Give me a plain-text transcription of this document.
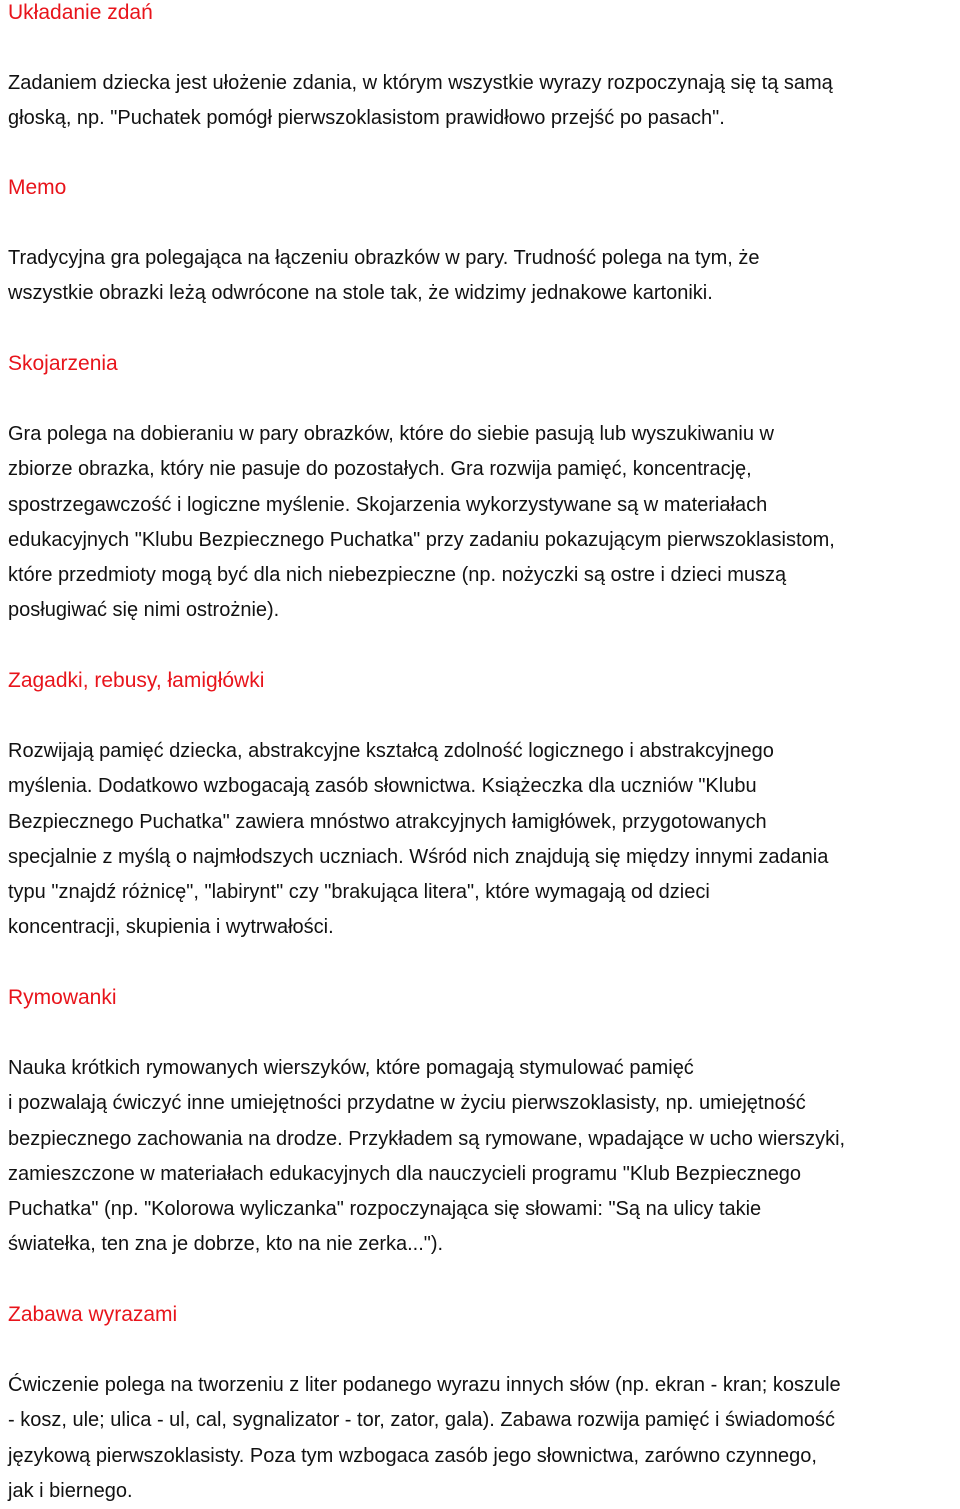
Układanie zdań
Zadaniem dziecka jest ułożenie zdania, w którym wszystkie wyrazy rozpoczynają się tą samą
głoską, np. "Puchatek pomógł pierwszoklasistom prawidłowo przejść po pasach".
Memo
Tradycyjna gra polegająca na łączeniu obrazków w pary. Trudność polega na tym, że
wszystkie obrazki leżą odwrócone na stole tak, że widzimy jednakowe kartoniki.
Skojarzenia
Gra polega na dobieraniu w pary obrazków, które do siebie pasują lub wyszukiwaniu w
zbiorze obrazka, który nie pasuje do pozostałych. Gra rozwija pamięć, koncentrację,
spostrzegawczość i logiczne myślenie. Skojarzenia wykorzystywane są w materiałach
edukacyjnych "Klubu Bezpiecznego Puchatka" przy zadaniu pokazującym pierwszoklasistom,
które przedmioty mogą być dla nich niebezpieczne (np. nożyczki są ostre i dzieci muszą
posługiwać się nimi ostrożnie).
Zagadki, rebusy, łamigłówki
Rozwijają pamięć dziecka, abstrakcyjne kształcą zdolność logicznego i abstrakcyjnego
myślenia. Dodatkowo wzbogacają zasób słownictwa. Książeczka dla uczniów "Klubu
Bezpiecznego Puchatka" zawiera mnóstwo atrakcyjnych łamigłówek, przygotowanych
specjalnie z myślą o najmłodszych uczniach. Wśród nich znajdują się między innymi zadania
typu "znajdź różnicę", "labirynt" czy "brakująca litera", które wymagają od dzieci
koncentracji, skupienia i wytrwałości.
Rymowanki
Nauka krótkich rymowanych wierszyków, które pomagają stymulować pamięć
i pozwalają ćwiczyć inne umiejętności przydatne w życiu pierwszoklasisty, np. umiejętność
bezpiecznego zachowania na drodze. Przykładem są rymowane, wpadające w ucho wierszyki,
zamieszczone w materiałach edukacyjnych dla nauczycieli programu "Klub Bezpiecznego
Puchatka" (np. "Kolorowa wyliczanka" rozpoczynająca się słowami: "Są na ulicy takie
światełka, ten zna je dobrze, kto na nie zerka...").
Zabawa wyrazami
Ćwiczenie polega na tworzeniu z liter podanego wyrazu innych słów (np. ekran - kran; koszule
- kosz, ule; ulica - ul, cal, sygnalizator - tor, zator, gala). Zabawa rozwija pamięć i świadomość
językową pierwszoklasisty. Poza tym wzbogaca zasób jego słownictwa, zarówno czynnego,
jak i biernego.
